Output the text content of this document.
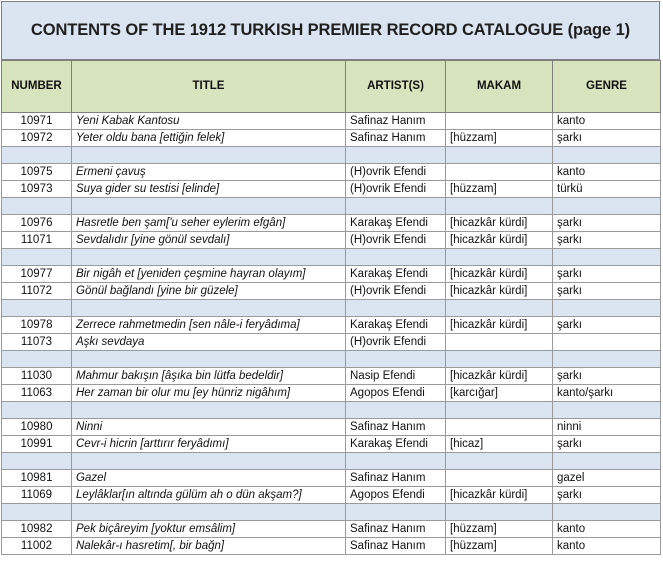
CONTENTS OF THE 1912 TURKISH PREMIER RECORD CATALOGUE (page 1)
NUMBER	TITLE	ARTIST(S)	MAKAM	GENRE
10971	Yeni Kabak Kantosu	Safinaz Hanım		kanto
10972	Yeter oldu bana [ettiğin felek]	Safinaz Hanım	[hüzzam]	şarkı

10975	Ermeni çavuş	(H)ovrik Efendi		kanto
10973	Suya gider su testisi [elinde]	(H)ovrik Efendi	[hüzzam]	türkü

10976	Hasretle ben şam['u seher eylerim efgân]	Karakaş Efendi	[hicazkâr kürdi]	şarkı
11071	Sevdalıdır [yine gönül sevdalı]	(H)ovrik Efendi	[hicazkâr kürdi]	şarkı

10977	Bir nigâh et [yeniden çeşmine hayran olayım]	Karakaş Efendi	[hicazkâr kürdi]	şarkı
11072	Gönül bağlandı [yine bir güzele]	(H)ovrik Efendi	[hicazkâr kürdi]	şarkı

10978	Zerrece rahmetmedin [sen nâle-i feryâdıma]	Karakaş Efendi	[hicazkâr kürdi]	şarkı
11073	Aşkı sevdaya	(H)ovrik Efendi		

11030	Mahmur bakışın [âşıka bin lütfa bedeldir]	Nasip Efendi	[hicazkâr kürdi]	şarkı
11063	Her zaman bir olur mu [ey hünriz nigâhım]	Agopos Efendi	[karcığar]	kanto/şarkı

10980	Ninni	Safinaz Hanım		ninni
10991	Cevr-i hicrin [arttırır feryâdımı]	Karakaş Efendi	[hicaz]	şarkı

10981	Gazel	Safinaz Hanım		gazel
11069	Leylâklar[ın altında gülüm ah o dün akşam?]	Agopos Efendi	[hicazkâr kürdi]	şarkı

10982	Pek biçâreyim [yoktur emsâlim]	Safinaz Hanım	[hüzzam]	kanto
11002	Nalekâr-ı hasretim[, bir bağn]	Safinaz Hanım	[hüzzam]	kanto
